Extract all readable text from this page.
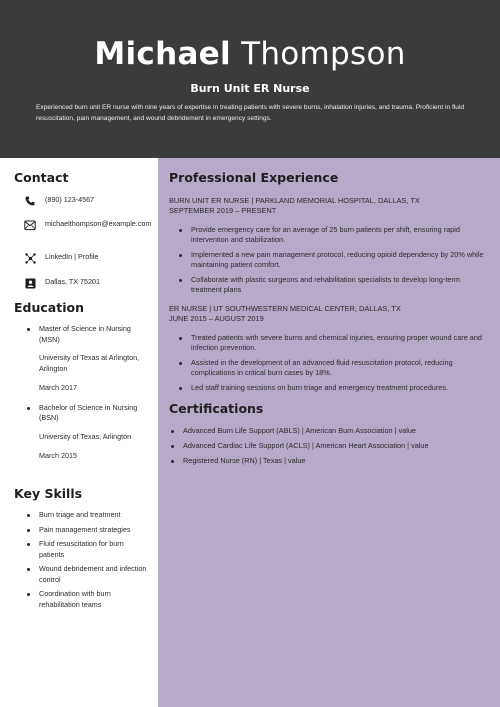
Michael Thompson
Burn Unit ER Nurse
Experienced burn unit ER nurse with nine years of expertise in treating patients with severe burns, inhalation injuries, and trauma. Proficient in fluid resuscitation, pain management, and wound debridement in emergency settings.
Contact
(890) 123-4567
michaelthompson@example.com
LinkedIn | Profile
Dallas, TX 75201
Education
Master of Science in Nursing (MSN)
University of Texas at Arlington, Arlington
March 2017
Bachelor of Science in Nursing (BSN)
University of Texas, Arlington
March 2015
Key Skills
Burn triage and treatment
Pain management strategies
Fluid resuscitation for burn patients
Wound debridement and infection control
Coordination with burn rehabilitation teams
Professional Experience
BURN UNIT ER NURSE | PARKLAND MEMORIAL HOSPITAL, DALLAS, TX
SEPTEMBER 2019 – PRESENT
Provide emergency care for an average of 25 burn patients per shift, ensuring rapid intervention and stabilization.
Implemented a new pain management protocol, reducing opioid dependency by 20% while maintaining patient comfort.
Collaborate with plastic surgeons and rehabilitation specialists to develop long-term treatment plans
ER NURSE | UT SOUTHWESTERN MEDICAL CENTER, DALLAS, TX
JUNE 2015 – AUGUST 2019
Treated patients with severe burns and chemical injuries, ensuring proper wound care and infection prevention.
Assisted in the development of an advanced fluid resuscitation protocol, reducing complications in critical burn cases by 18%.
Led staff training sessions on burn triage and emergency treatment procedures.
Certifications
Advanced Burn Life Support (ABLS) | American Burn Association | value
Advanced Cardiac Life Support (ACLS) | American Heart Association | value
Registered Nurse (RN) | Texas | value
